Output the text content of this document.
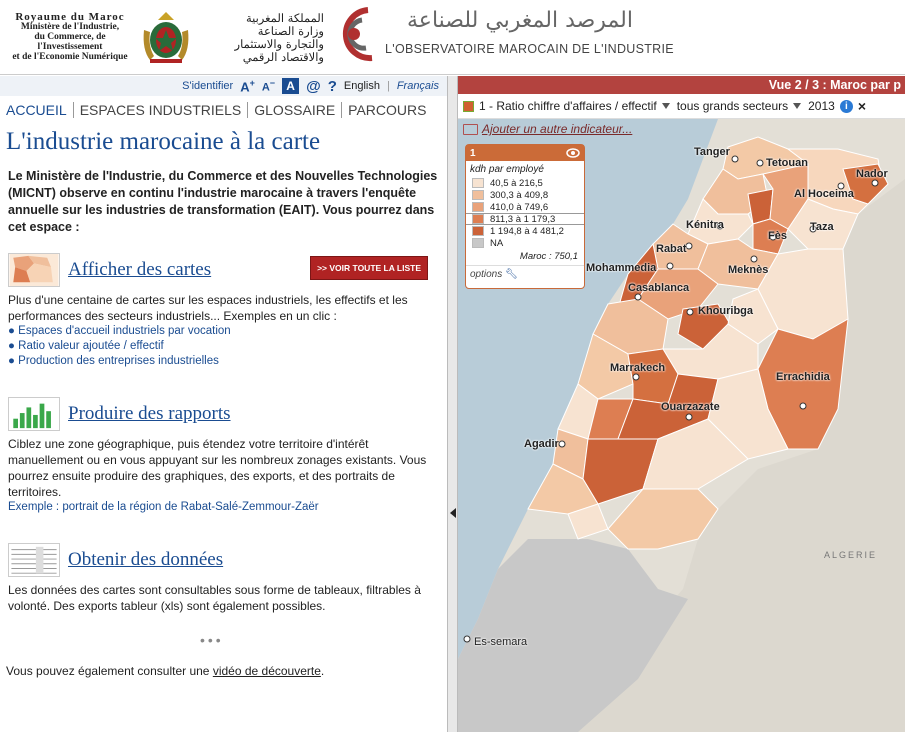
Royaume du Maroc
Ministère de l'Industrie,
du Commerce, de l'Investissement
et de l'Economie Numérique
المملكة المغربية
وزارة الصناعة
والتجارة والاستثمار
والاقتصاد الرقمي
المرصد المغربي للصناعة
L'OBSERVATOIRE MAROCAIN DE L'INDUSTRIE
S'identifier A+ A− A @ ? English | Français
ACCUEIL ESPACES INDUSTRIELS GLOSSAIRE PARCOURS
L'industrie marocaine à la carte
Le Ministère de l'Industrie, du Commerce et des Nouvelles Technologies (MICNT) observe en continu l'industrie marocaine à travers l'enquête annuelle sur les industries de transformation (EAIT). Vous pourrez dans cet espace :
Afficher des cartes	>> VOIR TOUTE LA LISTE

Plus d'une centaine de cartes sur les espaces industriels, les effectifs et les performances des secteurs industriels... Exemples en un clic :

● Espaces d'accueil industriels par vocation
● Ratio valeur ajoutée / effectif
● Production des entreprises industrielles
Produire des rapports

Ciblez une zone géographique, puis étendez votre territoire d'intérêt manuellement ou en vous appuyant sur les nombreux zonages existants. Vous pourrez ensuite produire des graphiques, des exports, et des portraits de territoires.

Exemple : portrait de la région de Rabat-Salé-Zemmour-Zaër
Obtenir des données

Les données des cartes sont consultables sous forme de tableaux, filtrables à volonté. Des exports tableur (xls) sont également possibles.

•••
Vous pouvez également consulter une vidéo de découverte.
Vue 2 / 3 : Maroc par p
1 - Ratio chiffre d'affaires / effectif tous grands secteurs 2013	i ×
Ajouter un autre indicateur...
1
kdh par employé
40,5 à 216,5
300,3 à 409,8
410,0 à 749,6
811,3 à 1 179,3
1 194,8 à 4 481,2
NA
Maroc : 750,1
options 🔧︎
Tanger
Tetouan
Nador
Al Hoceima
Kénitra	Taza
Rabat
Fès
Mohammedia	Meknès
Casablanca
Khouribga
Marrakech
Errachidia
Ouarzazate
Agadir
Es-semara
ALGERIE
